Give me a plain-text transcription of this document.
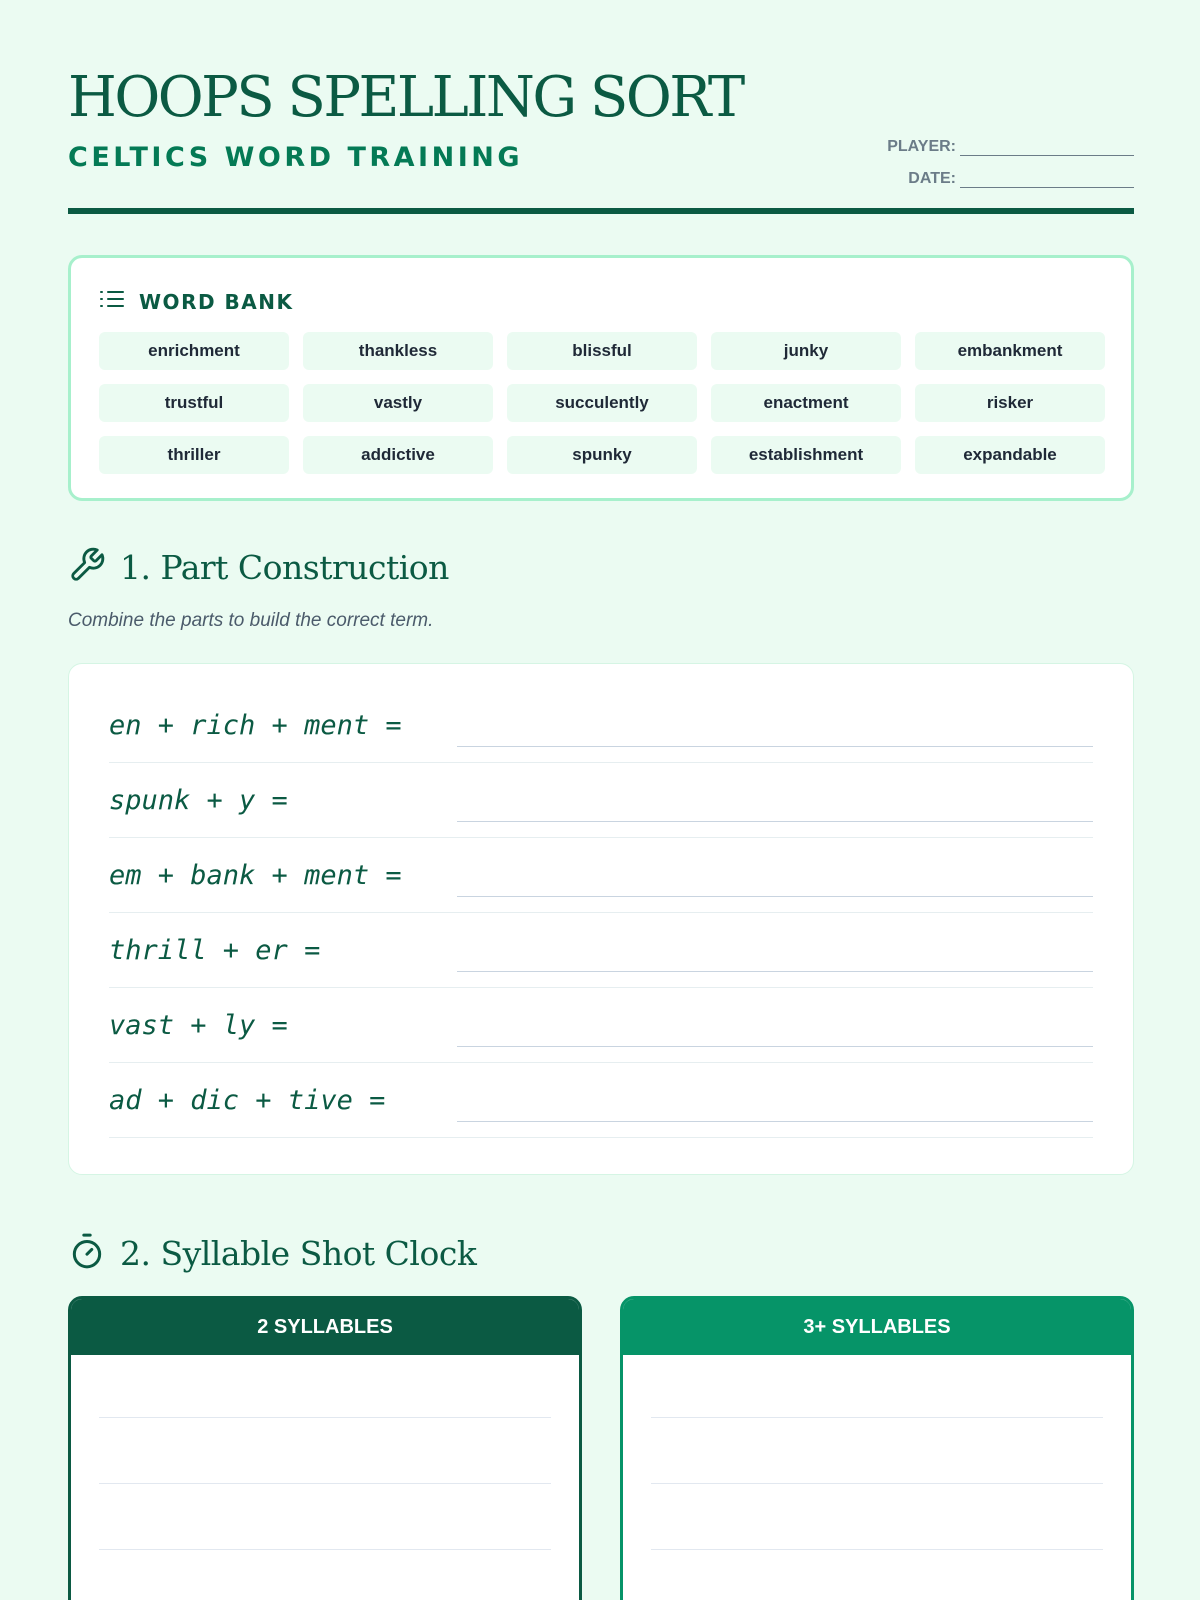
HOOPS SPELLING SORT
CELTICS WORD TRAINING	PLAYER:
DATE:
WORD BANK
enrichment	thankless	blissful	junky	embankment
trustful	vastly	succulently	enactment	risker
thriller	addictive	spunky	establishment	expandable
1. Part Construction
Combine the parts to build the correct term.
en + rich + ment =
spunk + y =
em + bank + ment =
thrill + er =
vast + ly =
ad + dic + tive =
2. Syllable Shot Clock
2 SYLLABLES	3+ SYLLABLES
